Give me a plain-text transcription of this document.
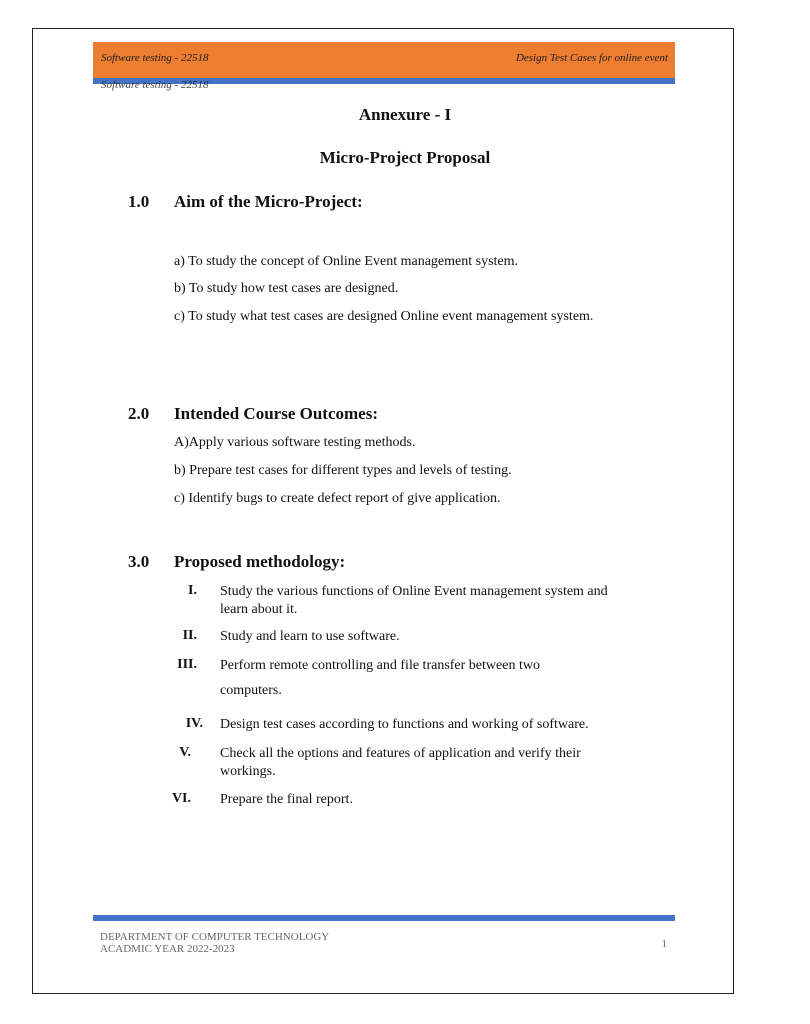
Software testing - 22518	Design Test Cases for online event
Software testing - 22518
Annexure - I
Micro-Project Proposal
1.0 Aim of the Micro-Project:
a) To study the concept of Online Event management system.
b) To study how test cases are designed.
c) To study what test cases are designed Online event management system.
2.0 Intended Course Outcomes:
A)Apply various software testing methods.
b) Prepare test cases for different types and levels of testing.
c) Identify bugs to create defect report of give application.
3.0 Proposed methodology:
I. Study the various functions of Online Event management system and
learn about it.
II. Study and learn to use software.
III. Perform remote controlling and file transfer between two
computers.
IV. Design test cases according to functions and working of software.
V. Check all the options and features of application and verify their
workings.
VI. Prepare the final report.
DEPARTMENT OF COMPUTER TECHNOLOGY
ACADMIC YEAR 2022-2023	1
